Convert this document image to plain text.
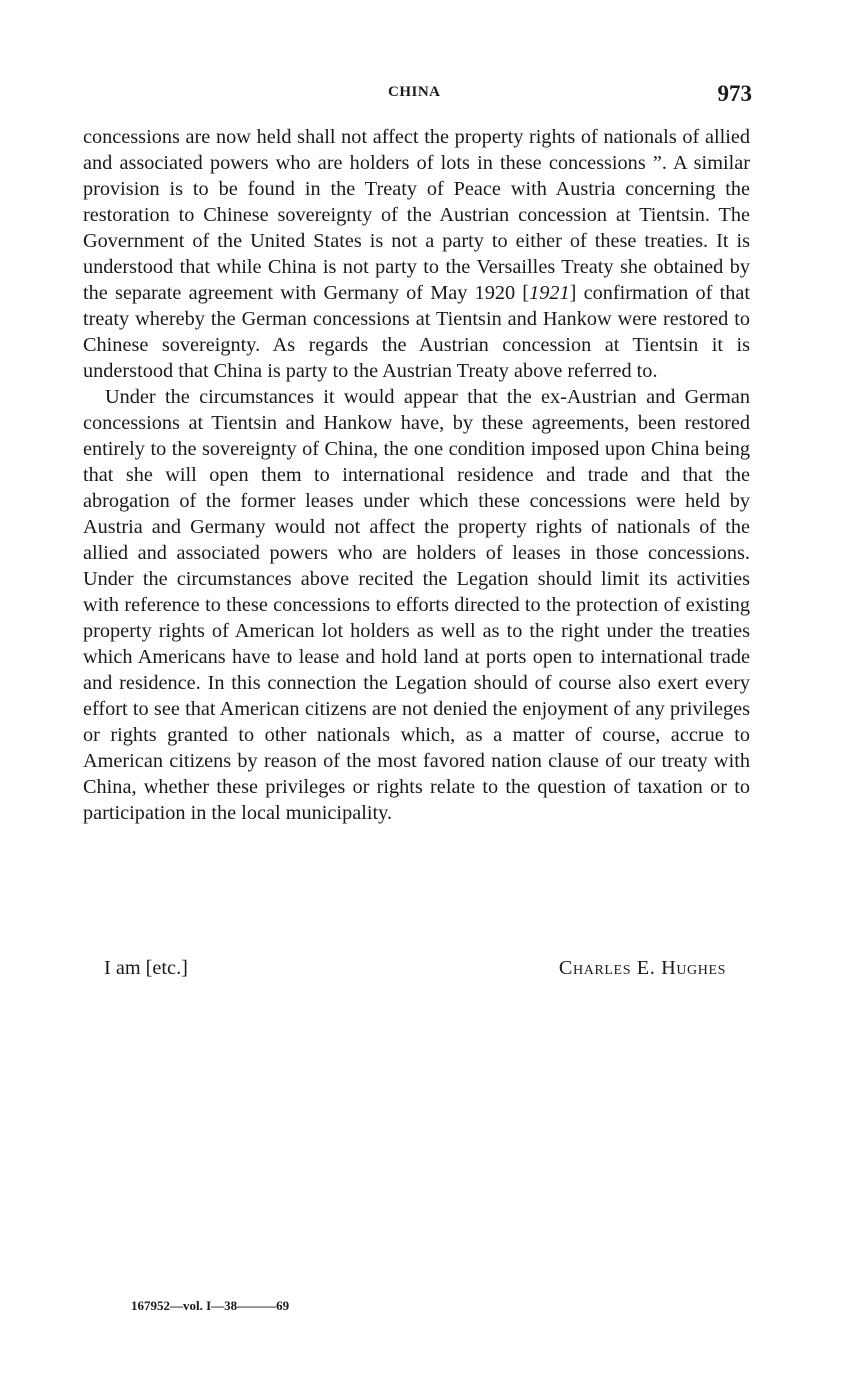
CHINA	973

concessions are now held shall not affect the property rights of nationals of allied and associated powers who are holders of lots in these concessions ”. A similar provision is to be found in the Treaty of Peace with Austria concerning the restoration to Chinese sovereignty of the Austrian concession at Tientsin. The Government of the United States is not a party to either of these treaties. It is understood that while China is not party to the Versailles Treaty she obtained by the separate agreement with Germany of May 1920 [1921] confirmation of that treaty whereby the German concessions at Tientsin and Hankow were restored to Chinese sovereignty. As regards the Austrian concession at Tientsin it is understood that China is party to the Austrian Treaty above referred to.

Under the circumstances it would appear that the ex-Austrian and German concessions at Tientsin and Hankow have, by these agreements, been restored entirely to the sovereignty of China, the one condition imposed upon China being that she will open them to international residence and trade and that the abrogation of the former leases under which these concessions were held by Austria and Germany would not affect the property rights of nationals of the allied and associated powers who are holders of leases in those concessions. Under the circumstances above recited the Legation should limit its activities with reference to these concessions to efforts directed to the protection of existing property rights of American lot holders as well as to the right under the treaties which Americans have to lease and hold land at ports open to international trade and residence. In this connection the Legation should of course also exert every effort to see that American citizens are not denied the enjoyment of any privileges or rights granted to other nationals which, as a matter of course, accrue to American citizens by reason of the most favored nation clause of our treaty with China, whether these privileges or rights relate to the question of taxation or to participation in the local municipality.

I am [etc.]	Charles E. Hughes
167952—vol. I—38———69
